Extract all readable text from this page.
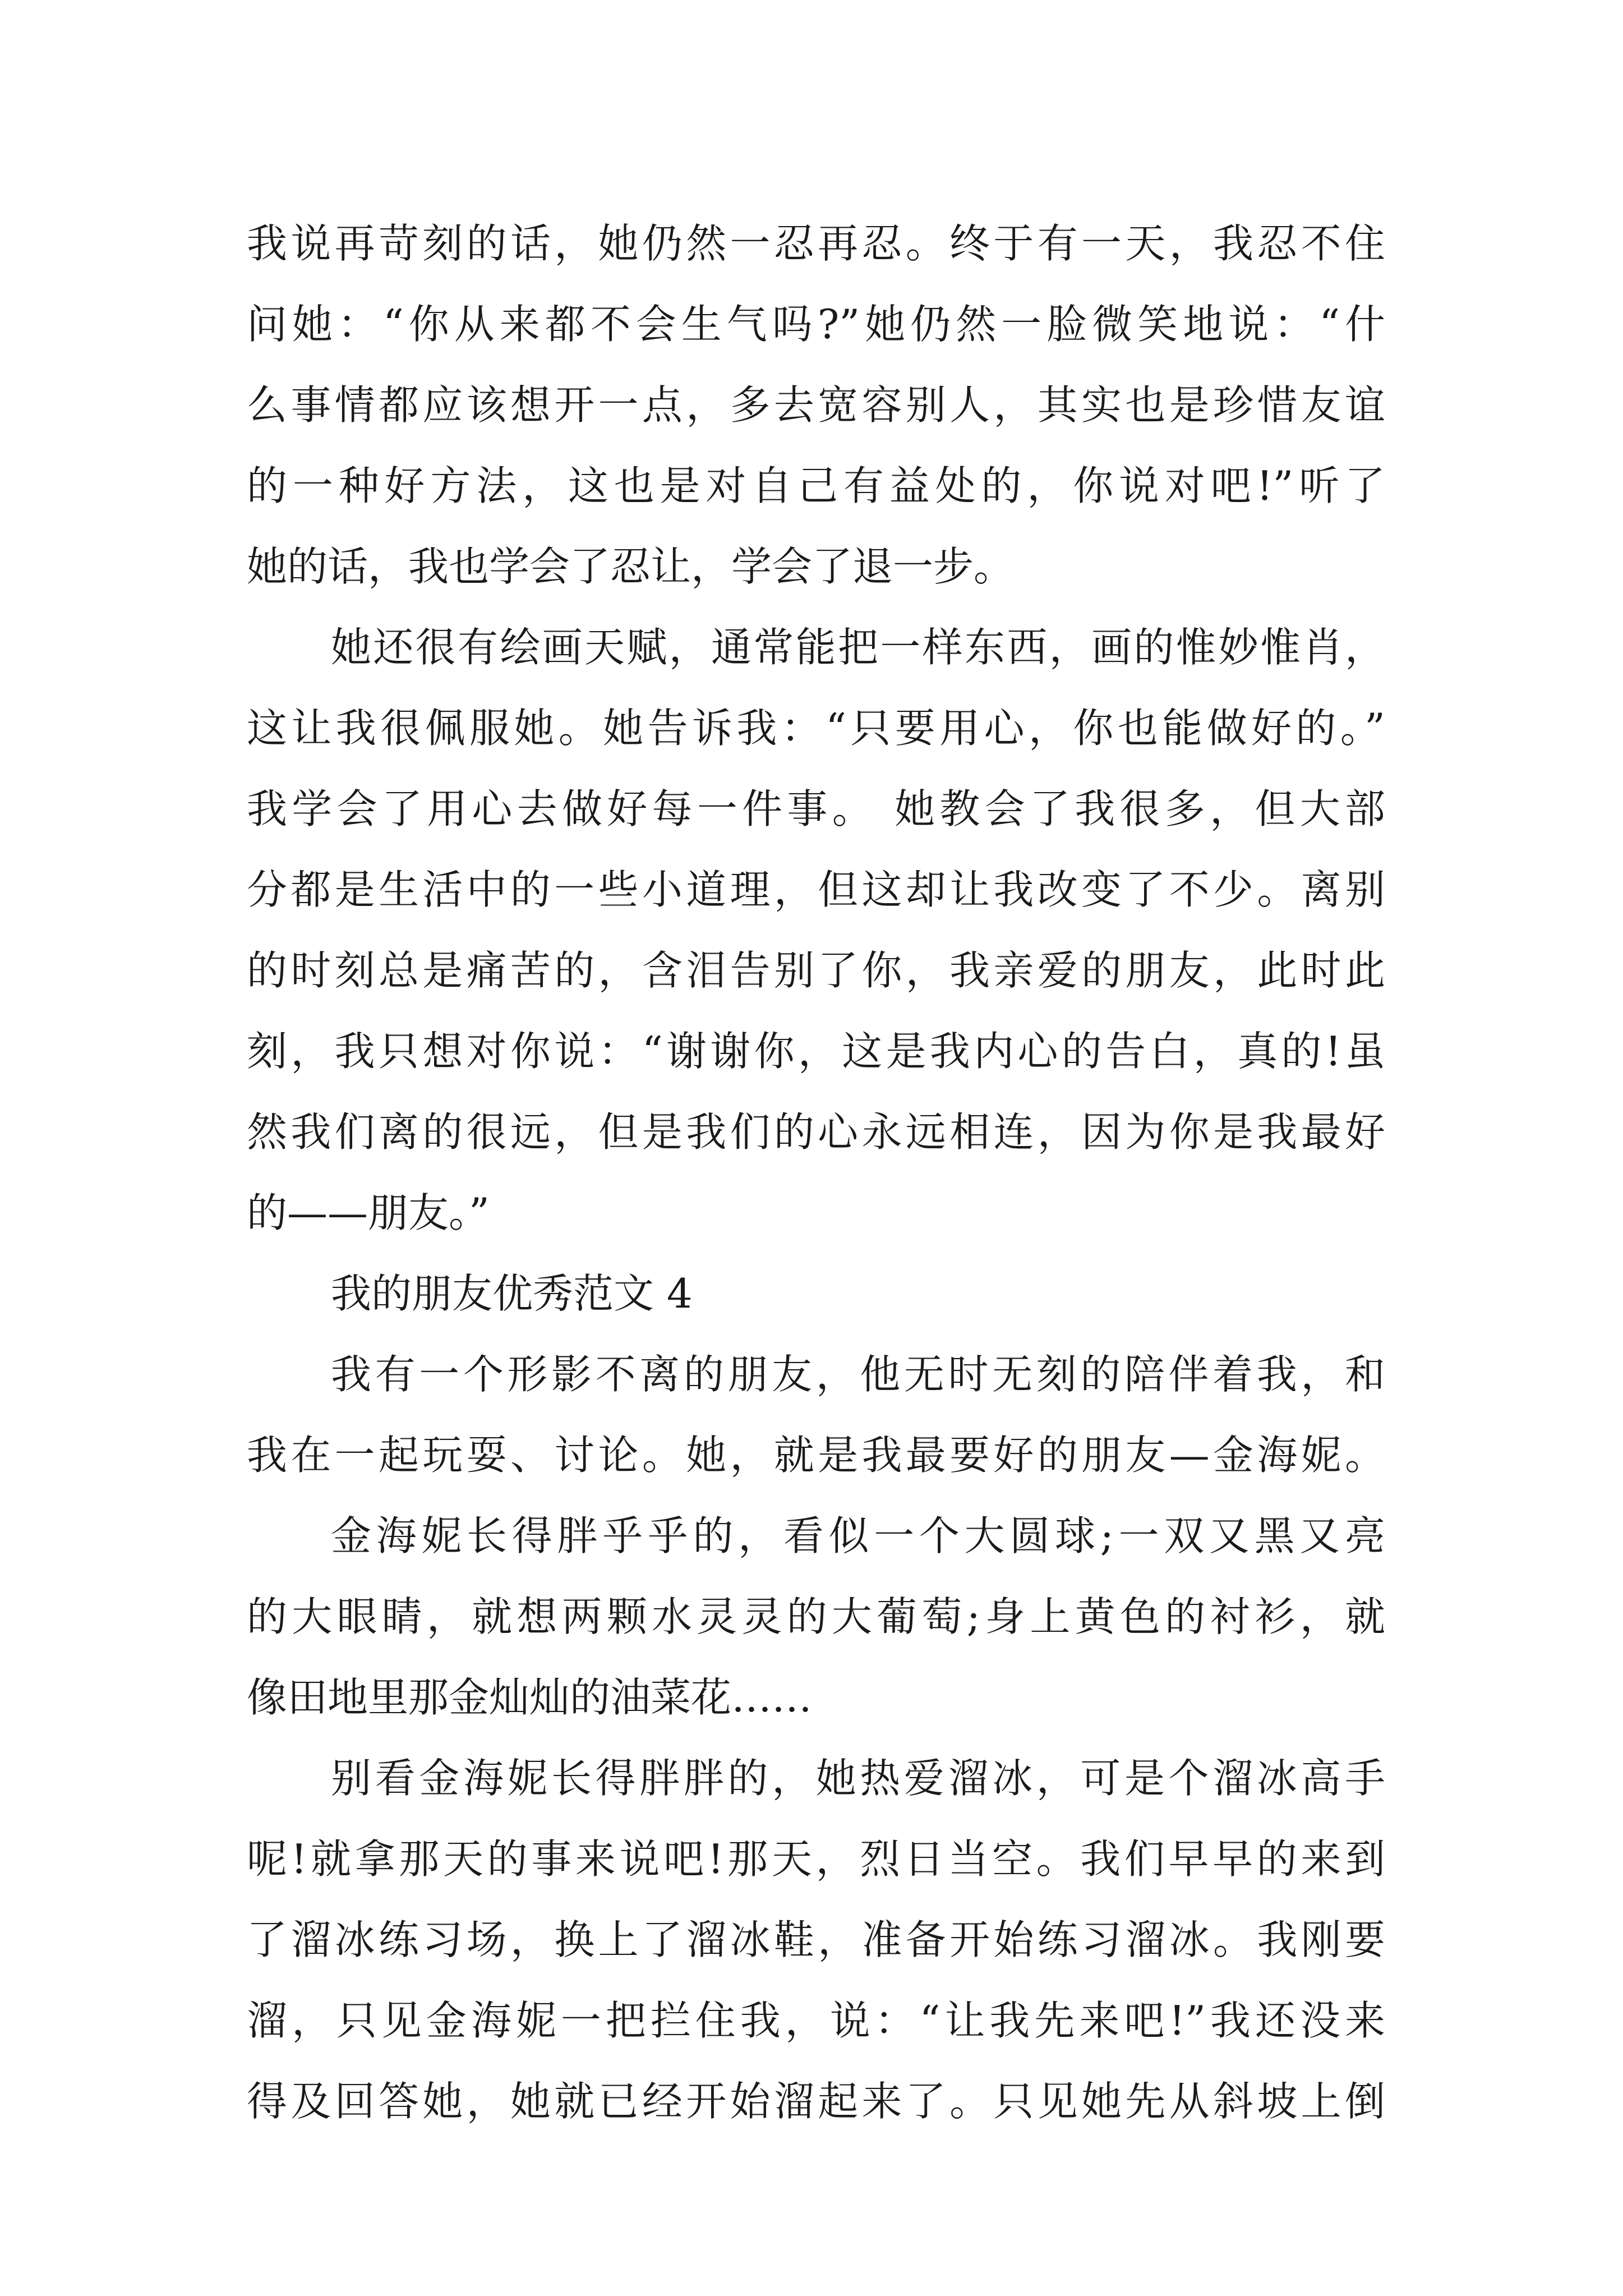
我说再苛刻的话，她仍然一忍再忍。终于有一天，我忍不住
问她：“你从来都不会生气吗?”她仍然一脸微笑地说：“什
么事情都应该想开一点，多去宽容别人，其实也是珍惜友谊
的一种好方法，这也是对自己有益处的，你说对吧!”听了
她的话，我也学会了忍让，学会了退一步。
她还很有绘画天赋，通常能把一样东西，画的惟妙惟肖，
这让我很佩服她。她告诉我：“只要用心，你也能做好的。”
我学会了用心去做好每一件事。 她教会了我很多，但大部
分都是生活中的一些小道理，但这却让我改变了不少。离别
的时刻总是痛苦的，含泪告别了你，我亲爱的朋友，此时此
刻，我只想对你说：“谢谢你，这是我内心的告白，真的!虽
然我们离的很远，但是我们的心永远相连，因为你是我最好
的——朋友。”
我的朋友优秀范文 4
我有一个形影不离的朋友，他无时无刻的陪伴着我，和
我在一起玩耍、讨论。她，就是我最要好的朋友—金海妮。
金海妮长得胖乎乎的，看似一个大圆球;一双又黑又亮
的大眼睛，就想两颗水灵灵的大葡萄;身上黄色的衬衫，就
像田地里那金灿灿的油菜花……
别看金海妮长得胖胖的，她热爱溜冰，可是个溜冰高手
呢!就拿那天的事来说吧!那天，烈日当空。我们早早的来到
了溜冰练习场，换上了溜冰鞋，准备开始练习溜冰。我刚要
溜，只见金海妮一把拦住我，说：“让我先来吧!”我还没来
得及回答她，她就已经开始溜起来了。只见她先从斜坡上倒
